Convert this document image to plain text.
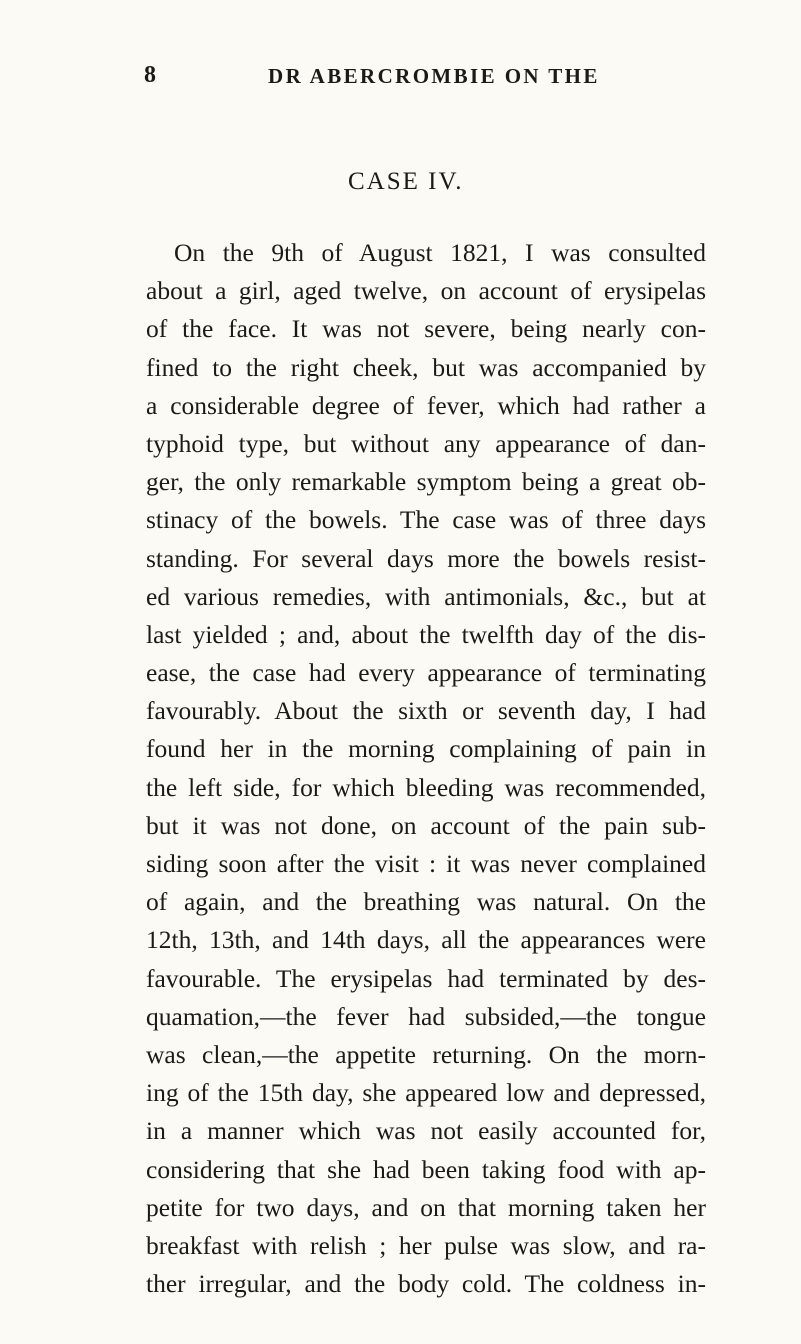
8	DR ABERCROMBIE ON THE
CASE IV.
On the 9th of August 1821, I was consulted
about a girl, aged twelve, on account of erysipelas
of the face. It was not severe, being nearly con-
fined to the right cheek, but was accompanied by
a considerable degree of fever, which had rather a
typhoid type, but without any appearance of dan-
ger, the only remarkable symptom being a great ob-
stinacy of the bowels. The case was of three days
standing. For several days more the bowels resist-
ed various remedies, with antimonials, &c., but at
last yielded ; and, about the twelfth day of the dis-
ease, the case had every appearance of terminating
favourably. About the sixth or seventh day, I had
found her in the morning complaining of pain in
the left side, for which bleeding was recommended,
but it was not done, on account of the pain sub-
siding soon after the visit : it was never complained
of again, and the breathing was natural. On the
12th, 13th, and 14th days, all the appearances were
favourable. The erysipelas had terminated by des-
quamation,—the fever had subsided,—the tongue
was clean,—the appetite returning. On the morn-
ing of the 15th day, she appeared low and depressed,
in a manner which was not easily accounted for,
considering that she had been taking food with ap-
petite for two days, and on that morning taken her
breakfast with relish ; her pulse was slow, and ra-
ther irregular, and the body cold. The coldness in-
